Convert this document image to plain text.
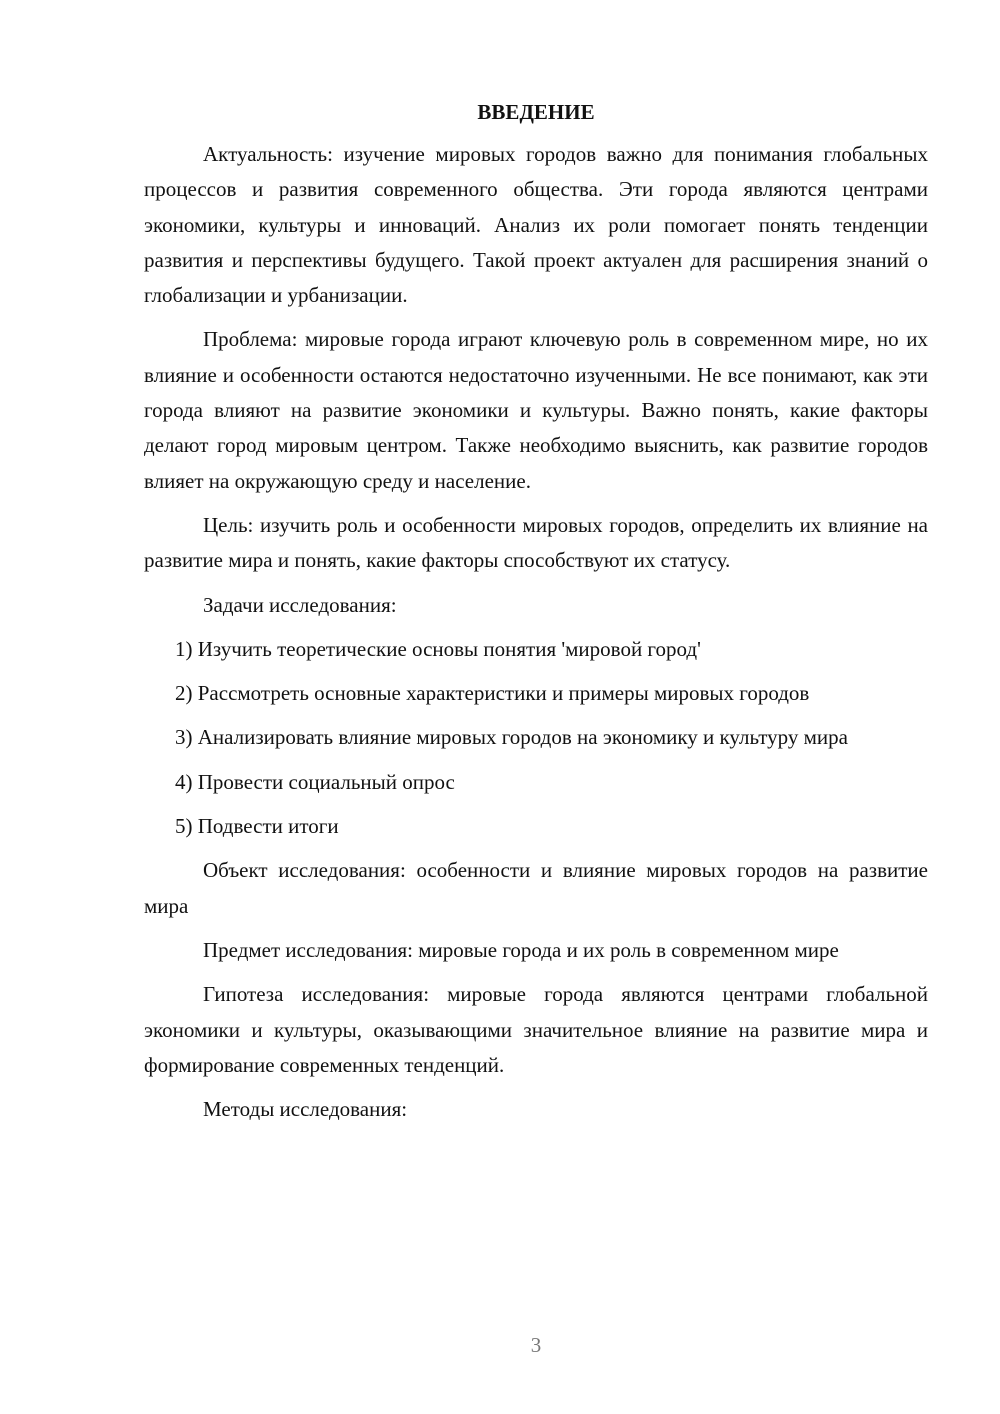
ВВЕДЕНИЕ

Актуальность: изучение мировых городов важно для понимания глобальных процессов и развития современного общества. Эти города являются центрами экономики, культуры и инноваций. Анализ их роли помогает понять тенденции развития и перспективы будущего. Такой проект актуален для расширения знаний о глобализации и урбанизации.

Проблема: мировые города играют ключевую роль в современном мире, но их влияние и особенности остаются недостаточно изученными. Не все понимают, как эти города влияют на развитие экономики и культуры. Важно понять, какие факторы делают город мировым центром. Также необходимо выяснить, как развитие городов влияет на окружающую среду и население.

Цель: изучить роль и особенности мировых городов, определить их влияние на развитие мира и понять, какие факторы способствуют их статусу.

Задачи исследования:

1) Изучить теоретические основы понятия 'мировой город'

2) Рассмотреть основные характеристики и примеры мировых городов

3) Анализировать влияние мировых городов на экономику и культуру мира

4) Провести социальный опрос

5) Подвести итоги

Объект исследования: особенности и влияние мировых городов на развитие мира

Предмет исследования: мировые города и их роль в современном мире

Гипотеза исследования: мировые города являются центрами глобальной экономики и культуры, оказывающими значительное влияние на развитие мира и формирование современных тенденций.

Методы исследования:

3
